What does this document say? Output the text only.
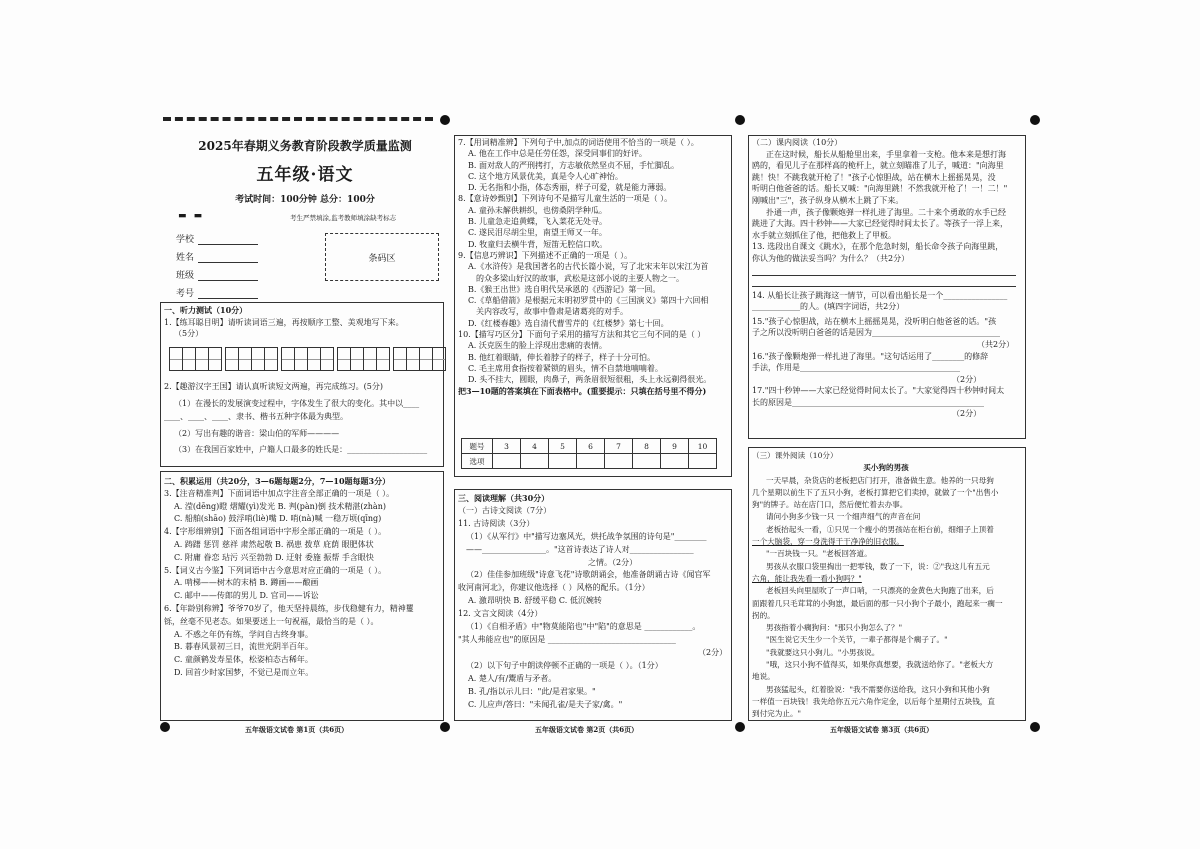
2025年春期义务教育阶段教学质量监测
五年级·语文
考试时间：100分钟 总分：100分
▬ ▬	考生严禁填涂,监考教师填涂缺考标志
学校
姓名
班级
考号
条码区

一、听力测试（10分）

1.【练耳聪目明】请听读词语三遍，再按顺序工整、美观地写下来。

（5分）

2.【趣游汉字王国】请认真听读短文两遍，再完成练习。(5分)

（1）在漫长的发展演变过程中，字体发生了很大的变化。其中以____

____、____、____、隶书、楷书五种字体最为典型。

（2）写出有趣的谐音：梁山伯的军师————

（3）在我国百家姓中，户籍人口最多的姓氏是：____________________

二、积累运用（共20分，3—6题每题2分，7—10题每题3分）

3.【注音精准判】下面词语中加点字注音全部正确的一项是（ ）。

A. 滢(dēng)瞪 熠耀(yì)发光 B. 判(pàn)倒 技术精湛(zhàn)

C. 船舶(shāo) 鼓浮哨(liè)嘴 D. 哨(nà)喊 一稳万顷(qīng)

4.【字形细辨别】下面各组词语中字形全部正确的一项是（ ）。

A. 踌躇 惩罚 慈祥 肃然起敬 B. 祸患 拨草 庇荫 眼肥体状

C. 附庸 眷恋 玷污 兴至勃勃 D. 迂射 委施 振帮 手含眼快

5.【词义古今鉴】下列词语中古今意思对应正确的一项是（ ）。

A. 啃梯——树木的末梢 B. 蹲画——酿画

C. 邮中——传郎的男儿 D. 官司——诉讼

6.【年龄别称辨】爷爷70岁了，他天坚持晨练，步伐稳健有力，精神矍

铄，丝毫不见老态。如果要送上一句祝福，最恰当的是（ ）。

A. 不惑之年仍有练，学问自古终身事。

B. 暮春风景初三日，流世光阴半百年。

C. 童颜鹤发寿星体，松姿柏态古稀年。

D. 回首少时家国梦，不觉已是而立年。

五年级语文试卷 第1页（共6页）

7.【用词精准辨】下列句子中,加点的词语使用不恰当的一项是（ ）。

A. 他在工作中总是任劳任怨，深受同事们的好评。

B. 面对敌人的严刑拷打，方志敏依然坚贞不屈，手忙脚乱。

C. 这个地方风景优美，真是令人心旷神怡。

D. 无名指和小指，体态秀丽，样子可爱，就是能力薄弱。

8.【意诗妙甄别】下列诗句不是描写儿童生活的一项是（ ）。

A. 童孙未解供耕织，也傍桑阴学种瓜。

B. 儿童急走追黄蝶，飞入菜花无处寻。

C. 遂民泪尽胡尘里，南望王师又一年。

D. 牧童归去横牛背，短笛无腔信口吹。

9.【信息巧辨识】下列描述不正确的一项是（ ）。

A.《水浒传》是我国著名的古代长篇小说，写了北宋末年以宋江为首

的众多梁山好汉的故事，武松是这部小说的主要人物之一。

B.《猴王出世》选自明代吴承恩的《西游记》第一回。

C.《草船借箭》是根据元末明初罗贯中的《三国演义》第四十六回相

关内容改写，故事中鲁肃是诸葛亮的对手。

D.《红楼春趣》选自清代曹雪芹的《红楼梦》第七十回。

10.【描写巧区分】下面句子采用的描写方法和其它三句不同的是（ ）

A. 沃克医生的脸上浮现出悲痛的表情。

B. 他红着眼睛，伸长着脖子的样子，样子十分可怕。

C. 毛主席用食指按着紧锁的眉头，情不自禁地喃喃着。

D. 头不挂大，圆眼，肉鼻子，两条眉很短很粗，头上永远剃得很光。

把3—10题的答案填在下面表格中。(重要提示：只填在括号里不得分)

题号	3	4	5	6	7	8	9	10
选项								

三、阅读理解（共30分）

（一）古诗文阅读（7分）

11. 古诗阅读（3分）

（1）《从军行》中"描写边塞风光，烘托战争氛围的诗句是"________

——________________。"这首诗表达了诗人对________________

之情。（2分）

（2）佳佳参加班级"诗意飞花"诗歌朗诵会，他准备朗诵古诗《闻官军

收河南河北》，你建议他选择（ ）风格的配乐。（1分）

A. 激昂明快 B. 舒缓平稳 C. 低沉婉转

12. 文言文阅读（4分）

（1）《自相矛盾》中"物莫能陷也"中"陷"的意思是 ____________。

"其人弗能应也"的原因是 ________________________________

（2分）

（2）以下句子中朗读停顿不正确的一项是（ ）。（1分）

A. 楚人/有/鬻盾与矛者。

B. 孔/指以示儿曰："此/是君家果。"

C. 儿应声/答曰："未闻孔雀/是夫子家/禽。"

五年级语文试卷 第2页（共6页）

（二）课内阅读（10分）

正在这时候，船长从船舱里出来，手里拿着一支枪。他本来是想打海

鸥的，看见儿子在那样高的桅杆上，就立刻瞄准了儿子，喊道："向海里

跳！快！不跳我就开枪了！"孩子心惊胆战，站在横木上摇摇晃晃，没

听明白他爸爸的话。船长又喊："向海里跳！不然我就开枪了！一！二！"

刚喊出"三"，孩子纵身从横木上跳了下来。

扑通一声，孩子像颗炮弹一样扎进了海里。二十来个勇敢的水手已经

跳进了大海。四十秒钟——大家已经觉得时间太长了。等孩子一浮上来，

水手就立刻抓住了他，把他救上了甲板。

13. 选段出自课文《跳水》，在那个危急时刻，船长命令孩子向海里跳，

你认为他的做法妥当吗？为什么？（共2分）

14. 从船长让孩子跳海这一情节，可以看出船长是一个________________

____________的人。(填四字词语，共2分）

15."孩子心惊胆战，站在横木上摇摇晃晃，没听明白他爸爸的话。"孩

子之所以没听明白爸爸的话是因为________________________________

（共2分）

16."孩子像颗炮弹一样扎进了海里。"这句话运用了________的修辞

手法，作用是________________________________________

（2分）

17."四十秒钟——大家已经觉得时间太长了。"大家觉得四十秒钟时间太

长的原因是________________________________________________

（2分）

（三）课外阅读（10分）

买小狗的男孩

一天早晨，杂货店的老板把店门打开，准备做生意。他养的一只母狗

几个星期以前生下了五只小狗，老板打算把它们卖掉，就做了一个"出售小

狗"的牌子。站在店门口，然后便忙着去办事。

请问小狗多少钱一只 一个细声细气的声音在问

老板抬起头一看，①只见一个瘦小的男孩站在柜台前，细细子上顶着

一个大脑袋，穿一身洗得干干净净的旧衣服。

"一百块钱一只。"老板回答道。

男孩从衣服口袋里掏出一把零钱，数了一下，说：②"我这儿有五元

六角，能让我先看一看小狗吗？"

老板回头向里屋吹了一声口哨，一只漂亮的金黄色大狗跑了出来，后

面跟着几只毛茸茸的小狗崽，最后面的那一只小狗个子最小，跑起来一瘸一

拐的。

男孩指着小瘸狗问："那只小狗怎么了？"

"医生说它天生少一个关节，一辈子都得是个瘸子了。"

"我就要这只小狗儿。"小男孩说。

"哦，这只小狗不值得买，如果你真想要，我就送给你了。"老板大方

地说。

男孩猛起头，红着脸说："我不需要你送给我，这只小狗和其他小狗

一样值一百块钱！我先给你五元六角作定金，以后每个星期付五块钱，直

到付完为止。"

五年级语文试卷 第3页（共6页）
